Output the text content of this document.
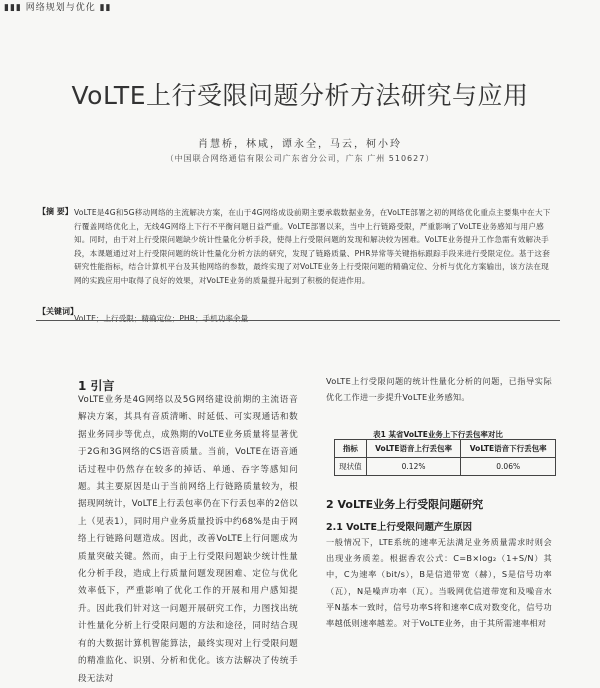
▮▮▮ 网络规划与优化 ▮▮
VoLTE上行受限问题分析方法研究与应用
肖慧桥，林咸，谭永全，马云，柯小玲
（中国联合网络通信有限公司广东省分公司，广东 广州 510627）
【摘 要】 VoLTE是4G和5G移动网络的主流解决方案，在山于4G网络成设前期主要承载数据业务，在VoLTE部署之初的网络优化重点主要集中在大下行覆盖网络优化上，无线4G网络上下行不平衡问题日益严重。VoLTE部署以来，当中上行链路受限，严重影响了VoLTE业务感知与用户感知。同时，由于对上行受限问题缺少统计性量化分析手段，使得上行受限问题的发现和解决较为困难。VoLTE业务提升工作急需有效解决手段，本课题通过对上行受限问题的统计性量化分析方法的研究，发现了链路质量、PHR异常等关键指标跟踪手段来进行受限定位。基于这套研究性能指标，结合计算机平台及其他网络的参数，最终实现了对VoLTE业务上行受限问题的精确定位、分析与优化方案输出，该方法在现网的实践应用中取得了良好的效果，对VoLTE业务的质量提升起到了积极的促进作用。

【关键词】
VoLTE；上行受限；精确定位；PHR；手机功率余量
1 引言

VoLTE业务是4G网络以及5G网络建设前期的主流语音解决方案，其具有音质清晰、时延低、可实现通话和数据业务同步等优点，成熟期的VoLTE业务质量将显著优于2G和3G网络的CS语音质量。当前，VoLTE在语音通话过程中仍然存在较多的掉话、单通、吞字等感知问题。其主要原因是山于当前网络上行链路质量较为，根据现网统计，VoLTE上行丢包率仍在下行丢包率的2倍以上（见表1），同时用户业务质量投诉中约68%是由于网络上行链路问题造成。因此，改善VoLTE上行问题成为质量突破关键。然而，由于上行受限问题缺少统计性量化分析手段，造成上行质量问题发现困难、定位与优化效率低下，严重影响了优化工作的开展和用户感知提升。因此我们针对这一问题开展研究工作，力图找出统计性量化分析上行受限问题的方法和途径，同时结合现有的大数据计算机智能算法，最终实现对上行受限问题的精准监化、识别、分析和优化。该方法解决了传统手段无法对

VoLTE上行受限问题的统计性量化分析的问题，已指导实际优化工作进一步提升VoLTE业务感知。

表1 某省VoLTE业务上下行丢包率对比
指标	VoLTE语音上行丢包率	VoLTE语音下行丢包率
现状值	0.12%	0.06%
2 VoLTE业务上行受限问题研究
2.1 VoLTE上行受限问题产生原因

一般情况下，LTE系统的速率无法满足业务质量需求时则会出现业务质差。根据香农公式：C=B×log₂（1+S/N）其中，C为速率（bit/s），B是信道带宽（赫），S是信号功率（瓦），N是噪声功率（瓦）。当吸网优信道带宽和及噪音水平N基本一致时，信号功率S将和速率C成对数变化，信号功率越低则速率越差。对于VoLTE业务，由于其所需速率相对
